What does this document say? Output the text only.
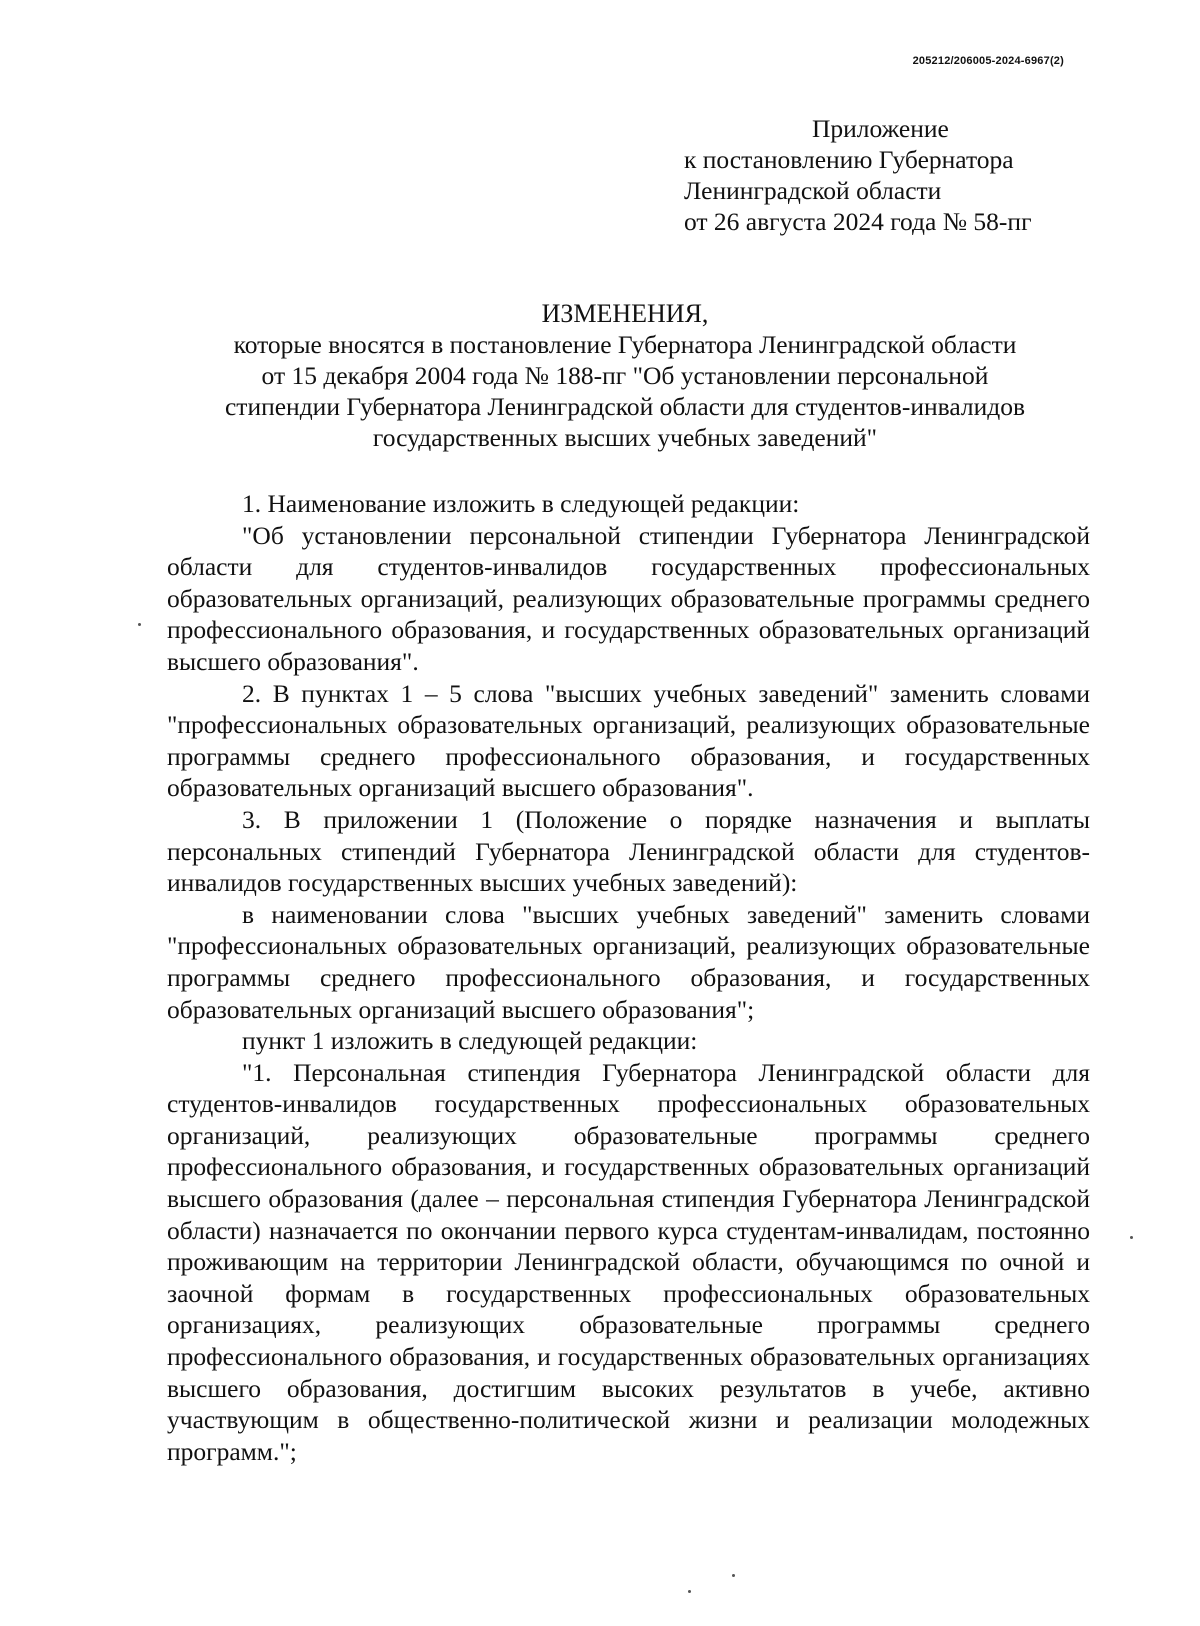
205212/206005-2024-6967(2)
Приложение
к постановлению Губернатора
Ленинградской области
от 26 августа 2024 года № 58-пг
ИЗМЕНЕНИЯ,
которые вносятся в постановление Губернатора Ленинградской области
от 15 декабря 2004 года № 188-пг "Об установлении персональной
стипендии Губернатора Ленинградской области для студентов-инвалидов
государственных высших учебных заведений"

1. Наименование изложить в следующей редакции:

"Об установлении персональной стипендии Губернатора Ленинградской области для студентов-инвалидов государственных профессиональных образовательных организаций, реализующих образовательные программы среднего профессионального образования, и государственных образовательных организаций высшего образования".

2. В пунктах 1 – 5 слова "высших учебных заведений" заменить словами "профессиональных образовательных организаций, реализующих образовательные программы среднего профессионального образования, и государственных образовательных организаций высшего образования".

3. В приложении 1 (Положение о порядке назначения и выплаты персональных стипендий Губернатора Ленинградской области для студентов-инвалидов государственных высших учебных заведений):

в наименовании слова "высших учебных заведений" заменить словами "профессиональных образовательных организаций, реализующих образовательные программы среднего профессионального образования, и государственных образовательных организаций высшего образования";

пункт 1 изложить в следующей редакции:

"1. Персональная стипендия Губернатора Ленинградской области для студентов-инвалидов государственных профессиональных образовательных организаций, реализующих образовательные программы среднего профессионального образования, и государственных образовательных организаций высшего образования (далее – персональная стипендия Губернатора Ленинградской области) назначается по окончании первого курса студентам-инвалидам, постоянно проживающим на территории Ленинградской области, обучающимся по очной и заочной формам в государственных профессиональных образовательных организациях, реализующих образовательные программы среднего профессионального образования, и государственных образовательных организациях высшего образования, достигшим высоких результатов в учебе, активно участвующим в общественно-политической жизни и реализации молодежных программ.";
